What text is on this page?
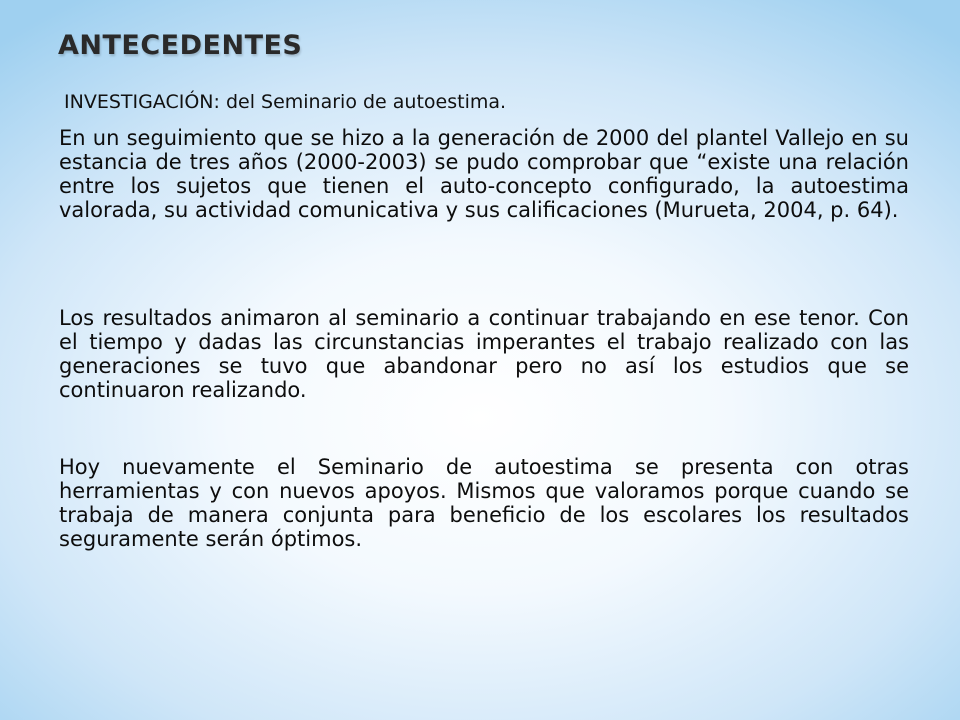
ANTECEDENTES

INVESTIGACIÓN: del Seminario de autoestima.

En un seguimiento que se hizo a la generación de 2000 del plantel Vallejo en su estancia de tres años (2000-2003) se pudo comprobar que “existe una relación entre los sujetos que tienen el auto-concepto configurado, la autoestima valorada, su actividad comunicativa y sus calificaciones (Murueta, 2004, p. 64).

Los resultados animaron al seminario a continuar trabajando en ese tenor. Con el tiempo y dadas las circunstancias imperantes el trabajo realizado con las generaciones se tuvo que abandonar pero no así los estudios que se continuaron realizando.

Hoy nuevamente el Seminario de autoestima se presenta con otras herramientas y con nuevos apoyos. Mismos que valoramos porque cuando se trabaja de manera conjunta para beneficio de los escolares los resultados seguramente serán óptimos.
